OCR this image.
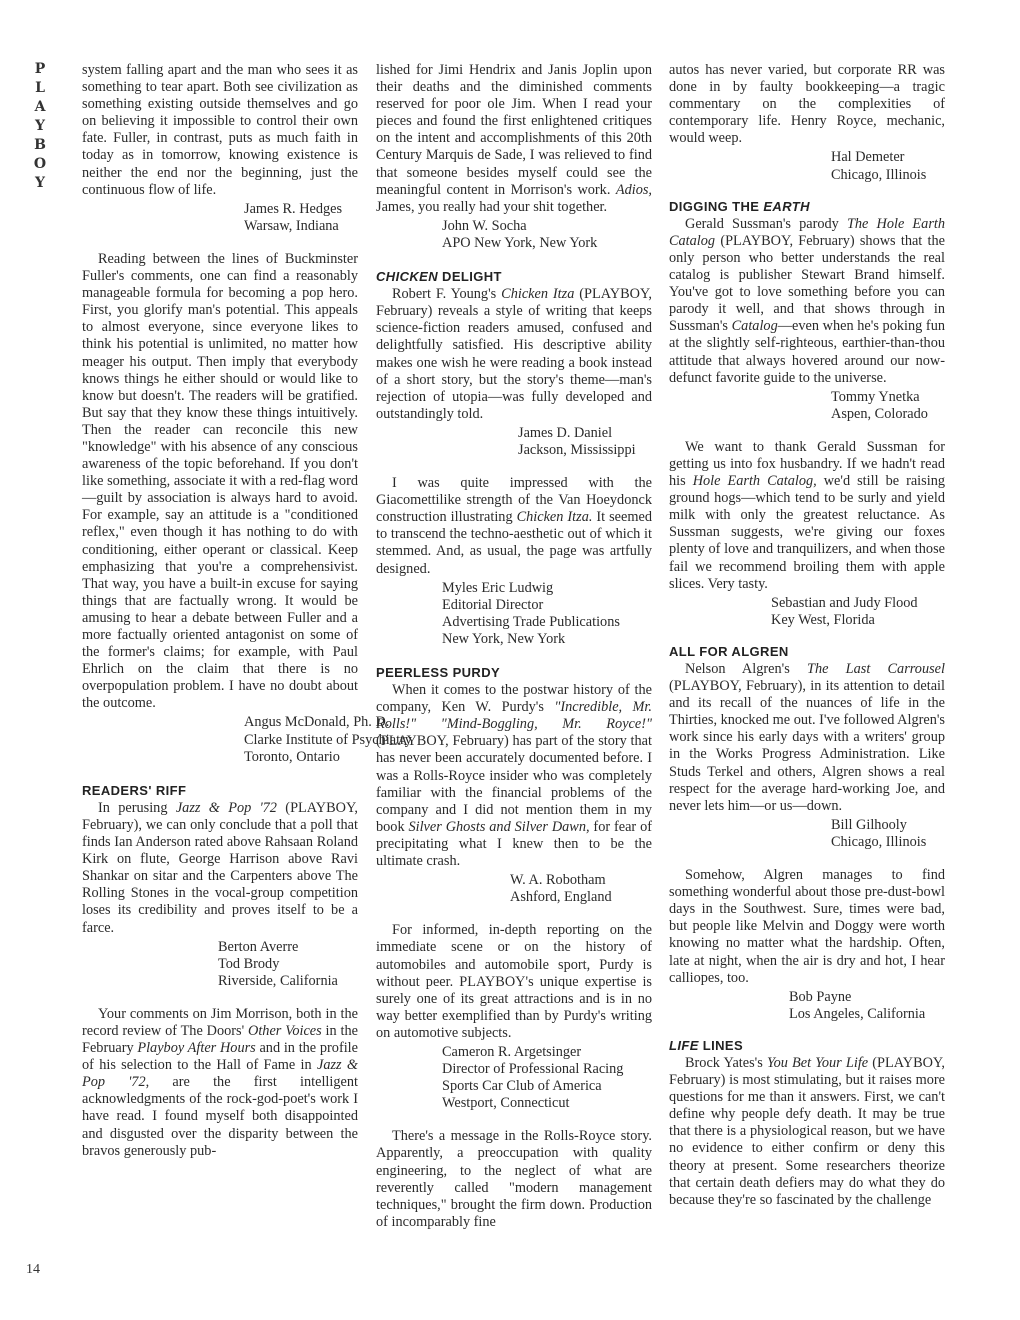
P
L
A
Y
B
O
Y
14

system falling apart and the man who sees it as something to tear apart. Both see civilization as something existing outside themselves and go on believing it impossible to control their own fate. Fuller, in contrast, puts as much faith in today as in tomorrow, knowing existence is neither the end nor the beginning, just the continuous flow of life.

James R. Hedges
Warsaw, Indiana

Reading between the lines of Buckminster Fuller's comments, one can find a reasonably manageable formula for becoming a pop hero. First, you glorify man's potential. This appeals to almost everyone, since everyone likes to think his potential is unlimited, no matter how meager his output. Then imply that everybody knows things he either should or would like to know but doesn't. The readers will be gratified. But say that they know these things intuitively. Then the reader can reconcile this new "knowledge" with his absence of any conscious awareness of the topic beforehand. If you don't like something, associate it with a red-flag word—guilt by association is always hard to avoid. For example, say an attitude is a "conditioned reflex," even though it has nothing to do with conditioning, either operant or classical. Keep emphasizing that you're a comprehensivist. That way, you have a built-in excuse for saying things that are factually wrong. It would be amusing to hear a debate between Fuller and a more factually oriented antagonist on some of the former's claims; for example, with Paul Ehrlich on the claim that there is no overpopulation problem. I have no doubt about the outcome.

Angus McDonald, Ph. D.
Clarke Institute of Psychiatry
Toronto, Ontario
READERS' RIFF

In perusing Jazz & Pop '72 (PLAYBOY, February), we can only conclude that a poll that finds Ian Anderson rated above Rahsaan Roland Kirk on flute, George Harrison above Ravi Shankar on sitar and the Carpenters above The Rolling Stones in the vocal-group competition loses its credibility and proves itself to be a farce.

Berton Averre
Tod Brody
Riverside, California

Your comments on Jim Morrison, both in the record review of The Doors' Other Voices in the February Playboy After Hours and in the profile of his selection to the Hall of Fame in Jazz & Pop '72, are the first intelligent acknowledgments of the rock-god-poet's work I have read. I found myself both disappointed and disgusted over the disparity between the bravos generously pub-

lished for Jimi Hendrix and Janis Joplin upon their deaths and the diminished comments reserved for poor ole Jim. When I read your pieces and found the first enlightened critiques on the intent and accomplishments of this 20th Century Marquis de Sade, I was relieved to find that someone besides myself could see the meaningful content in Morrison's work. Adios, James, you really had your shit together.

John W. Socha
APO New York, New York
CHICKEN DELIGHT

Robert F. Young's Chicken Itza (PLAYBOY, February) reveals a style of writing that keeps science-fiction readers amused, confused and delightfully satisfied. His descriptive ability makes one wish he were reading a book instead of a short story, but the story's theme—man's rejection of utopia—was fully developed and outstandingly told.

James D. Daniel
Jackson, Mississippi

I was quite impressed with the Giacomettilike strength of the Van Hoeydonck construction illustrating Chicken Itza. It seemed to transcend the techno-aesthetic out of which it stemmed. And, as usual, the page was artfully designed.

Myles Eric Ludwig
Editorial Director
Advertising Trade Publications
New York, New York
PEERLESS PURDY

When it comes to the postwar history of the company, Ken W. Purdy's "Incredible, Mr. Rolls!" "Mind-Boggling, Mr. Royce!" (PLAYBOY, February) has part of the story that has never been accurately documented before. I was a Rolls-Royce insider who was completely familiar with the financial problems of the company and I did not mention them in my book Silver Ghosts and Silver Dawn, for fear of precipitating what I knew then to be the ultimate crash.

W. A. Robotham
Ashford, England

For informed, in-depth reporting on the immediate scene or on the history of automobiles and automobile sport, Purdy is without peer. PLAYBOY's unique expertise is surely one of its great attractions and is in no way better exemplified than by Purdy's writing on automotive subjects.

Cameron R. Argetsinger
Director of Professional Racing
Sports Car Club of America
Westport, Connecticut

There's a message in the Rolls-Royce story. Apparently, a preoccupation with quality engineering, to the neglect of what are reverently called "modern management techniques," brought the firm down. Production of incomparably fine

autos has never varied, but corporate RR was done in by faulty bookkeeping—a tragic commentary on the complexities of contemporary life. Henry Royce, mechanic, would weep.

Hal Demeter
Chicago, Illinois
DIGGING THE EARTH

Gerald Sussman's parody The Hole Earth Catalog (PLAYBOY, February) shows that the only person who better understands the real catalog is publisher Stewart Brand himself. You've got to love something before you can parody it well, and that shows through in Sussman's Catalog—even when he's poking fun at the slightly self-righteous, earthier-than-thou attitude that always hovered around our now-defunct favorite guide to the universe.

Tommy Ynetka
Aspen, Colorado

We want to thank Gerald Sussman for getting us into fox husbandry. If we hadn't read his Hole Earth Catalog, we'd still be raising ground hogs—which tend to be surly and yield milk with only the greatest reluctance. As Sussman suggests, we're giving our foxes plenty of love and tranquilizers, and when those fail we recommend broiling them with apple slices. Very tasty.

Sebastian and Judy Flood
Key West, Florida
ALL FOR ALGREN

Nelson Algren's The Last Carrousel (PLAYBOY, February), in its attention to detail and its recall of the nuances of life in the Thirties, knocked me out. I've followed Algren's work since his early days with a writers' group in the Works Progress Administration. Like Studs Terkel and others, Algren shows a real respect for the average hard-working Joe, and never lets him—or us—down.

Bill Gilhooly
Chicago, Illinois

Somehow, Algren manages to find something wonderful about those pre-dust-bowl days in the Southwest. Sure, times were bad, but people like Melvin and Doggy were worth knowing no matter what the hardship. Often, late at night, when the air is dry and hot, I hear calliopes, too.

Bob Payne
Los Angeles, California
LIFE LINES

Brock Yates's You Bet Your Life (PLAYBOY, February) is most stimulating, but it raises more questions for me than it answers. First, we can't define why people defy death. It may be true that there is a physiological reason, but we have no evidence to either confirm or deny this theory at present. Some researchers theorize that certain death defiers may do what they do because they're so fascinated by the challenge
